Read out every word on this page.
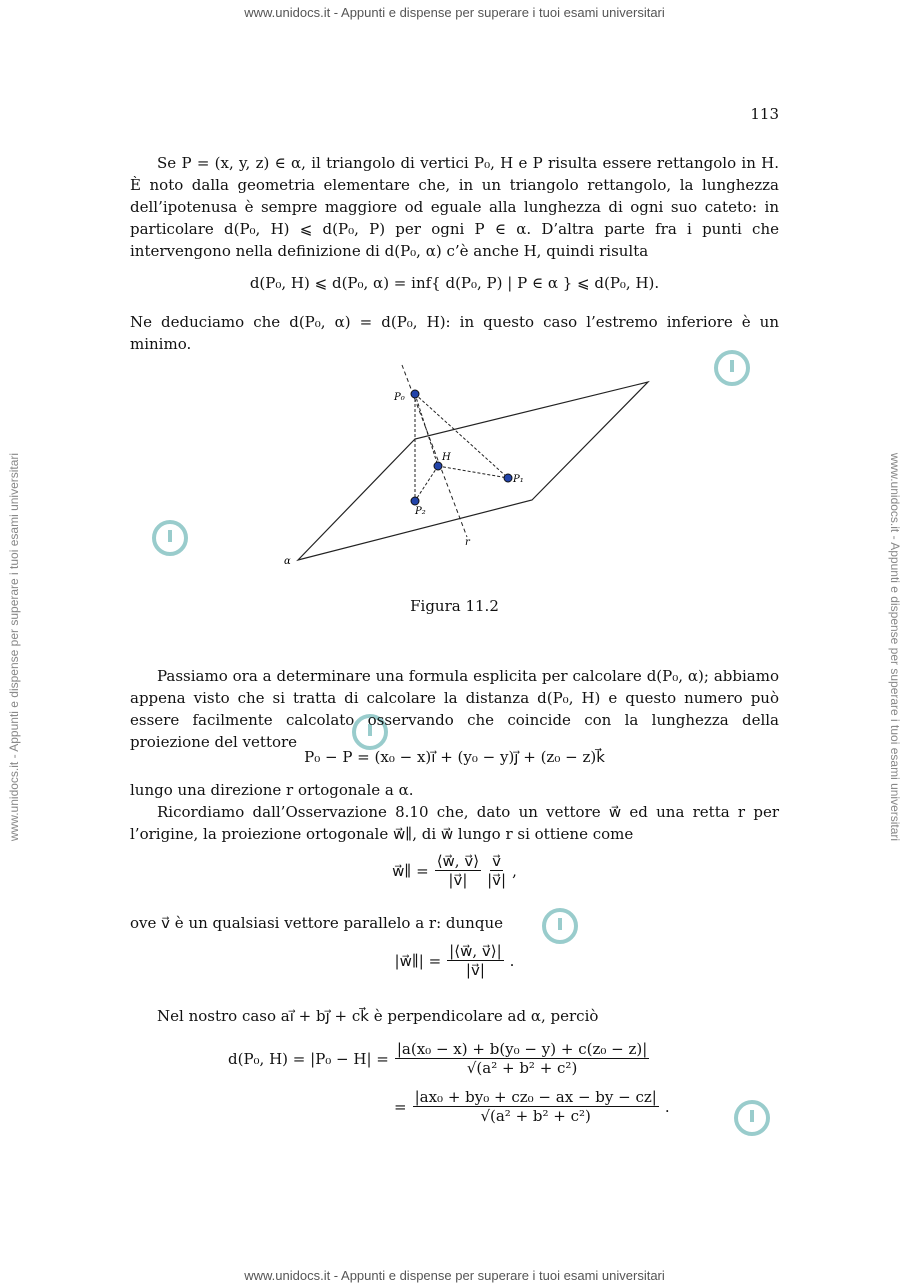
www.unidocs.it - Appunti e dispense per superare i tuoi esami universitari
www.unidocs.it - Appunti e dispense per superare i tuoi esami universitari
www.unidocs.it - Appunti e dispense per superare i tuoi esami universitari	www.unidocs.it - Appunti e dispense per superare i tuoi esami universitari
113
Se P = (x, y, z) ∈ α, il triangolo di vertici P₀, H e P risulta essere rettangolo in H. È noto dalla geometria elementare che, in un triangolo rettangolo, la lunghezza dell’ipotenusa è sempre maggiore od eguale alla lunghezza di ogni suo cateto: in particolare d(P₀, H) ⩽ d(P₀, P) per ogni P ∈ α. D’altra parte fra i punti che intervengono nella definizione di d(P₀, α) c’è anche H, quindi risulta
d(P₀, H) ⩽ d(P₀, α) = inf{ d(P₀, P) | P ∈ α } ⩽ d(P₀, H).
Ne deduciamo che d(P₀, α) = d(P₀, H): in questo caso l’estremo inferiore è un minimo.
P₀
H
P₁
P₂
r
α
Figura 11.2
Passiamo ora a determinare una formula esplicita per calcolare d(P₀, α); abbiamo appena visto che si tratta di calcolare la distanza d(P₀, H) e questo numero può essere facilmente calcolato osservando che coincide con la lunghezza della proiezione del vettore
P₀ − P = (x₀ − x)ı⃗ + (y₀ − y)ȷ⃗ + (z₀ − z)k⃗
lungo una direzione r ortogonale a α.
Ricordiamo dall’Osservazione 8.10 che, dato un vettore w⃗ ed una retta r per l’origine, la proiezione ortogonale w⃗∥, di w⃗ lungo r si ottiene come
w⃗∥ = $\frac{⟨w⃗, v⃗⟩}{|v⃗|} \frac{v⃗}{|v⃗|}$ ,
ove v⃗ è un qualsiasi vettore parallelo a r: dunque
|w⃗∥| = $\frac{|⟨w⃗, v⃗⟩|}{|v⃗|}$ .
Nel nostro caso aı⃗ + bȷ⃗ + ck⃗ è perpendicolare ad α, perciò
d(P₀, $H) = |P_0 - H| = \frac{\text{|a(x₀ − x) + b(y₀ − y) + c(z₀ − z)|}}{\text{√(a² + b² + c²)}}$
= $\frac{\text{|ax₀ + by₀ + cz₀ − ax − by − cz|}}{\text{√(a² + b² + c²)}}$ .
